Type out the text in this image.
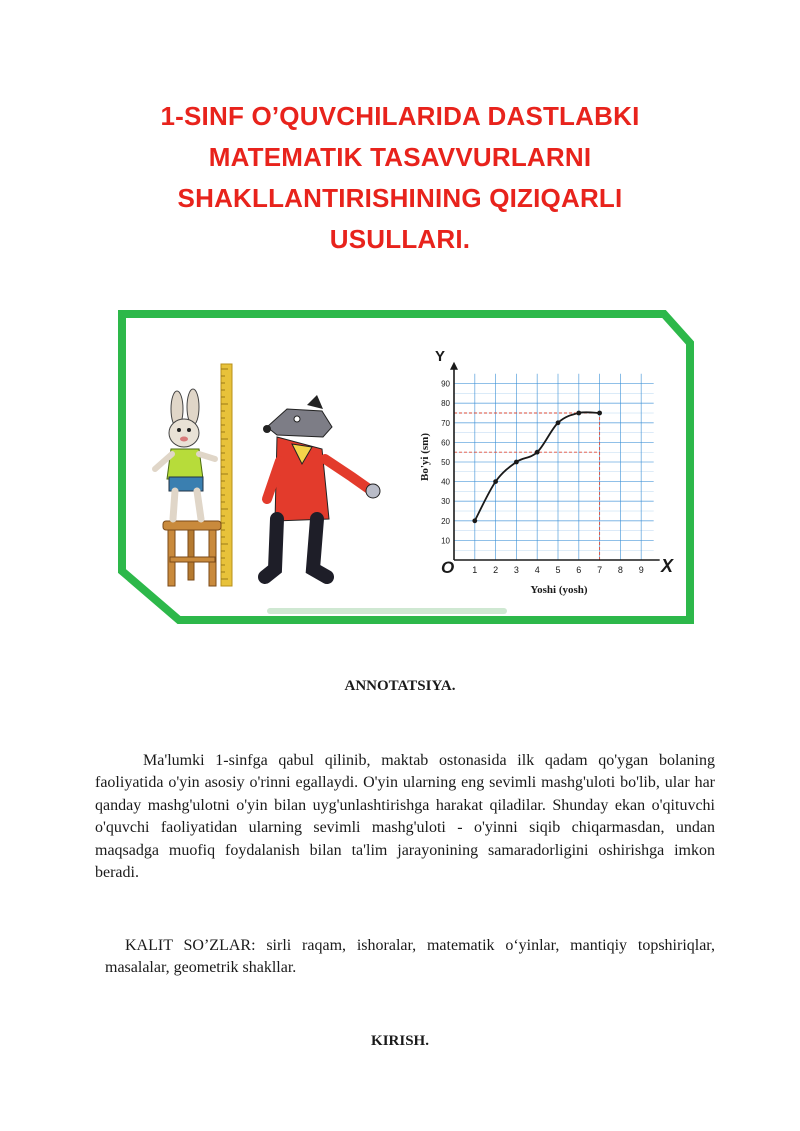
1-SINF O’QUVCHILARIDA DASTLABKI
MATEMATIK TASAVVURLARNI
SHAKLLANTIRISHINING QIZIQARLI
USULLARI.
1 2 3 4 5 6 7 8 9
10
20
30
40
50
60
70
80
90
X
Y
O
Yoshi (yosh)
Bo'yi (sm)
ANNOTATSIYA.
Ma'lumki 1-sinfga qabul qilinib, maktab ostonasida ilk qadam qo'ygan bolaning faoliyatida o'yin asosiy o'rinni egallaydi. O'yin ularning eng sevimli mashg'uloti bo'lib, ular har qanday mashg'ulotni o'yin bilan uyg'unlashtirishga harakat qiladilar. Shunday ekan o'qituvchi o'quvchi faoliyatidan ularning sevimli mashg'uloti - o'yinni siqib chiqarmasdan, undan maqsadga muofiq foydalanish bilan ta'lim jarayonining samaradorligini oshirishga imkon beradi.
KALIT SO’ZLAR: sirli raqam, ishoralar, matematik o‘yinlar, mantiqiy topshiriqlar, masalalar, geometrik shakllar.
KIRISH.
